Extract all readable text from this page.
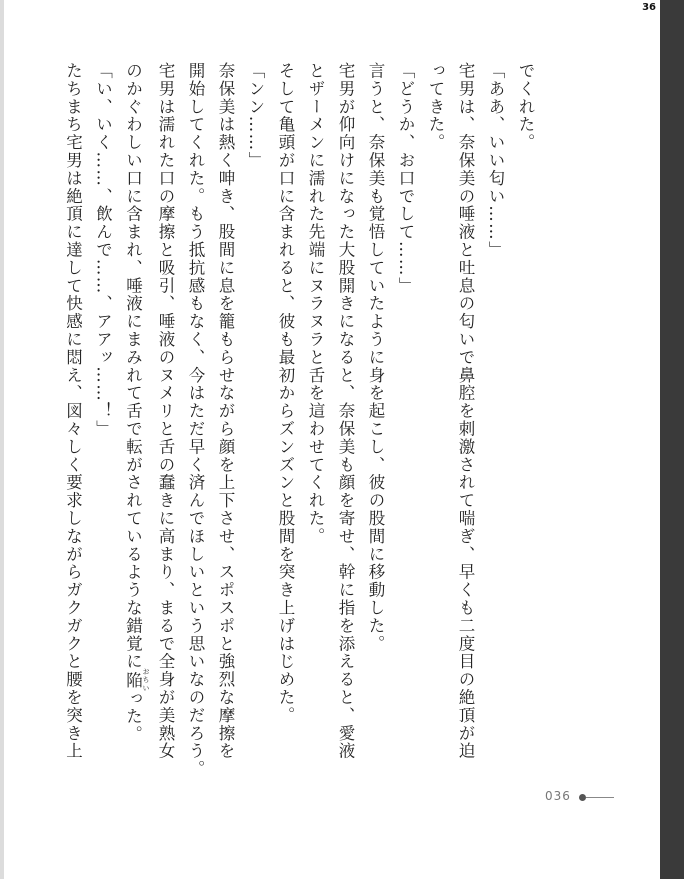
36
でくれた。
「ああ、いい匂い……」
宅男は、奈保美の唾液と吐息の匂いで鼻腔を刺激されて喘ぎ、早くも二度目の絶頂が迫
ってきた。
「どうか、お口でして……」
言うと、奈保美も覚悟していたように身を起こし、彼の股間に移動した。
宅男が仰向けになった大股開きになると、奈保美も顔を寄せ、幹に指を添えると、愛液
とザーメンに濡れた先端にヌラヌラと舌を這わせてくれた。
そして亀頭が口に含まれると、彼も最初からズンズンと股間を突き上げはじめた。
「ンン……」
奈保美は熱く呻き、股間に息を籠もらせながら顔を上下させ、スポスポと強烈な摩擦を
開始してくれた。もう抵抗感もなく、今はただ早く済んでほしいという思いなのだろう。
宅男は濡れた口の摩擦と吸引、唾液のヌメリと舌の蠢きに高まり、まるで全身が美熟女
のかぐわしい口に含まれ、唾液にまみれて舌で転がされているような錯覚に陥 おちいった。
「い、いく……、飲んで……、アアッ……！」
たちまち宅男は絶頂に達して快感に悶え、図々しく要求しながらガクガクと腰を突き上
036
